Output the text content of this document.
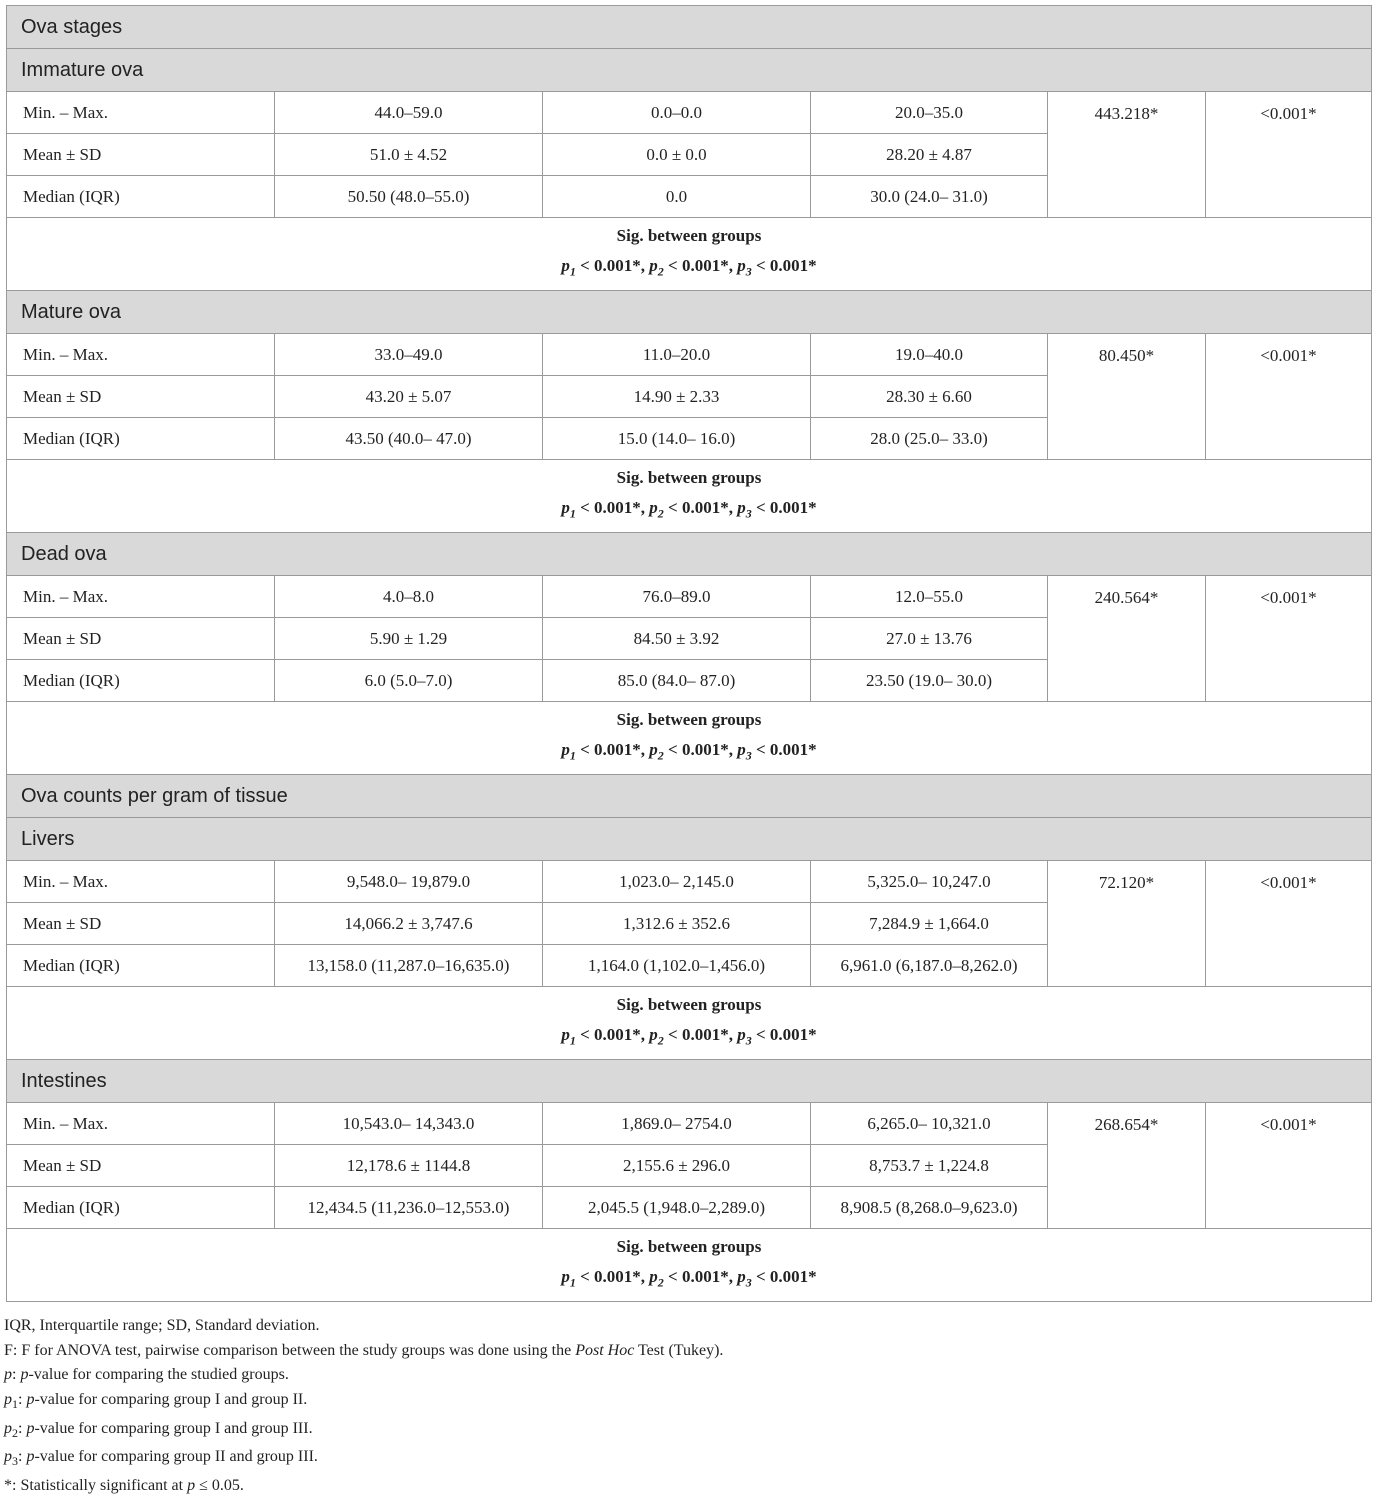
Ova stages					
Immature ova					
Min. – Max.	44.0–59.0	0.0–0.0	20.0–35.0	443.218*	<0.001*
Mean ± SD	51.0 ± 4.52	0.0 ± 0.0	28.20 ± 4.87		
Median (IQR)	50.50 (48.0–55.0)	0.0	30.0 (24.0– 31.0)		

Sig. between groups
$p_1 < 0.001*$, $p_2 < 0.001*$, $p_3 < 0.001*$					

Mature ova					
Min. – Max.	33.0–49.0	11.0–20.0	19.0–40.0	80.450*	<0.001*
Mean ± SD	43.20 ± 5.07	14.90 ± 2.33	28.30 ± 6.60		
Median (IQR)	43.50 (40.0– 47.0)	15.0 (14.0– 16.0)	28.0 (25.0– 33.0)		

Sig. between groups
$p_1 < 0.001*$, $p_2 < 0.001*$, $p_3 < 0.001*$					

Dead ova					
Min. – Max.	4.0–8.0	76.0–89.0	12.0–55.0	240.564*	<0.001*
Mean ± SD	5.90 ± 1.29	84.50 ± 3.92	27.0 ± 13.76		
Median (IQR)	6.0 (5.0–7.0)	85.0 (84.0– 87.0)	23.50 (19.0– 30.0)		

Sig. between groups
$p_1 < 0.001*$, $p_2 < 0.001*$, $p_3 < 0.001*$					

Ova counts per gram of tissue					
Livers					
Min. – Max.	9,548.0– 19,879.0	1,023.0– 2,145.0	5,325.0– 10,247.0	72.120*	<0.001*
Mean ± SD	14,066.2 ± 3,747.6	1,312.6 ± 352.6	7,284.9 ± 1,664.0		
Median (IQR)	13,158.0 (11,287.0–16,635.0)	1,164.0 (1,102.0–1,456.0)	6,961.0 (6,187.0–8,262.0)		

Sig. between groups
$p_1 < 0.001*$, $p_2 < 0.001*$, $p_3 < 0.001*$					

Intestines					
Min. – Max.	10,543.0– 14,343.0	1,869.0– 2754.0	6,265.0– 10,321.0	268.654*	<0.001*
Mean ± SD	12,178.6 ± 1144.8	2,155.6 ± 296.0	8,753.7 ± 1,224.8		
Median (IQR)	12,434.5 (11,236.0–12,553.0)	2,045.5 (1,948.0–2,289.0)	8,908.5 (8,268.0–9,623.0)		

Sig. between groups
$p_1 < 0.001*$, $p_2 < 0.001*$, $p_3 < 0.001*$					
IQR, Interquartile range; SD, Standard deviation.
F: F for ANOVA test, pairwise comparison between the study groups was done using the Post Hoc Test (Tukey).
p: p-value for comparing the studied groups.
$p_1$: p-value for comparing group I and group II.
$p_2$: p-value for comparing group I and group III.
$p_3$: p-value for comparing group II and group III.
*: Statistically significant at p ≤ 0.05.
